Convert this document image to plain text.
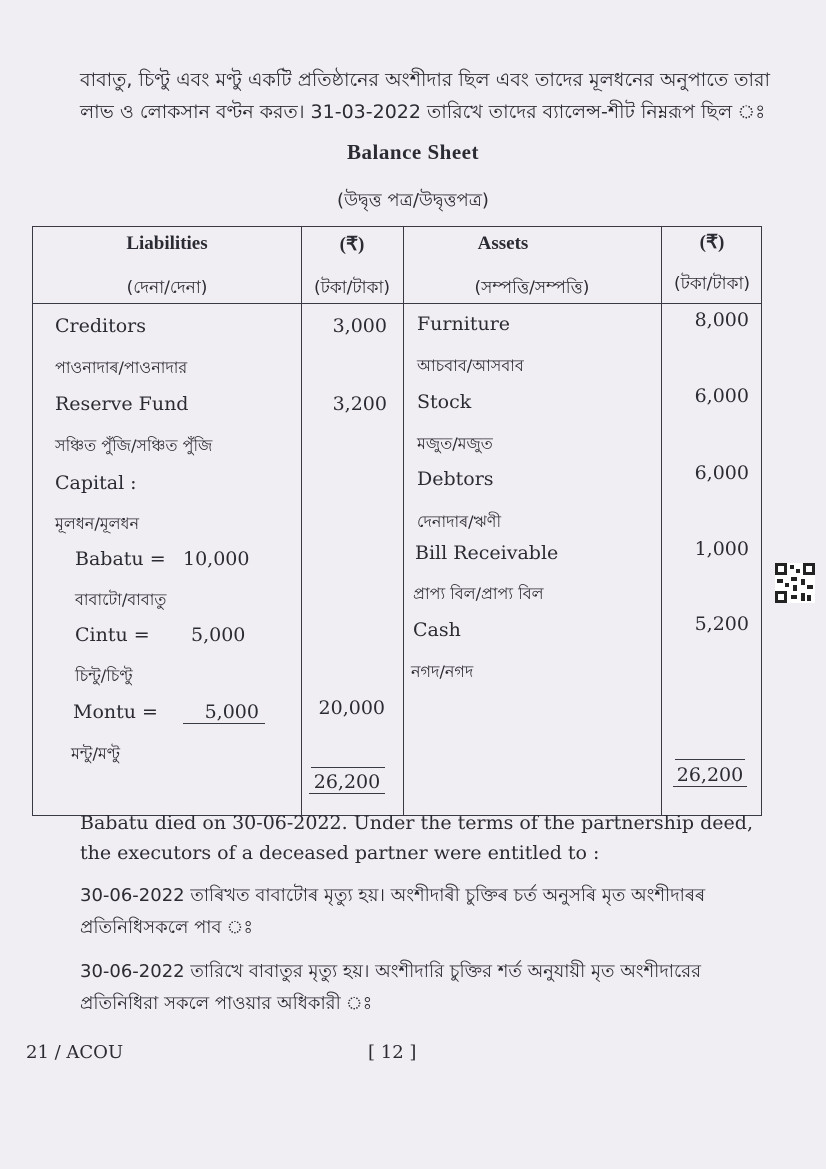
বাবাতু, চিণ্টু এবং মণ্টু একটি প্রতিষ্ঠানের অংশীদার ছিল এবং তাদের মূলধনের অনুপাতে তারা লাভ ও লোকসান বণ্টন করত। 31-03-2022 তারিখে তাদের ব্যালেন্স-শীট নিম্নরূপ ছিল ঃ
Balance Sheet
(উদ্বৃত্ত পত্র/উদ্বৃত্তপত্র)
Liabilities
(দেনা/দেনা)
(₹)
(টকা/টাকা)
Assets
(সম্পত্তি/সম্পত্তি)
(₹)
(টকা/টাকা)
Creditors
পাওনাদাৰ/পাওনাদার
Reserve Fund
সঞ্চিত পুঁজি/সঞ্চিত পুঁজি
Capital :
মূলধন/মূলধন
Babatu = 10,000
বাবাটো/বাবাতু
Cintu = 5,000
চিন্টু/চিণ্টু
Montu =	5,000
মন্টু/মণ্টু
3,000
3,200
20,000
26,200
Furniture
আচবাব/আসবাব
Stock
মজুত/মজুত
Debtors
দেনাদাৰ/ঋণী
Bill Receivable
প্ৰাপ্য বিল/প্রাপ্য বিল
Cash
নগদ/নগদ
8,000
6,000
6,000
1,000
5,200
26,200
Babatu died on 30-06-2022. Under the terms of the partnership deed, the executors of a deceased partner were entitled to :
30-06-2022 তাৰিখত বাবাটোৰ মৃত্যু হয়। অংশীদাৰী চুক্তিৰ চৰ্ত অনুসৰি মৃত অংশীদাৰৰ প্ৰতিনিধিসকলে পাব ঃ
30-06-2022 তারিখে বাবাতুর মৃত্যু হয়। অংশীদারি চুক্তির শর্ত অনুযায়ী মৃত অংশীদারের প্রতিনিধিরা সকলে পাওয়ার অধিকারী ঃ
21 / ACOU	[ 12 ]
